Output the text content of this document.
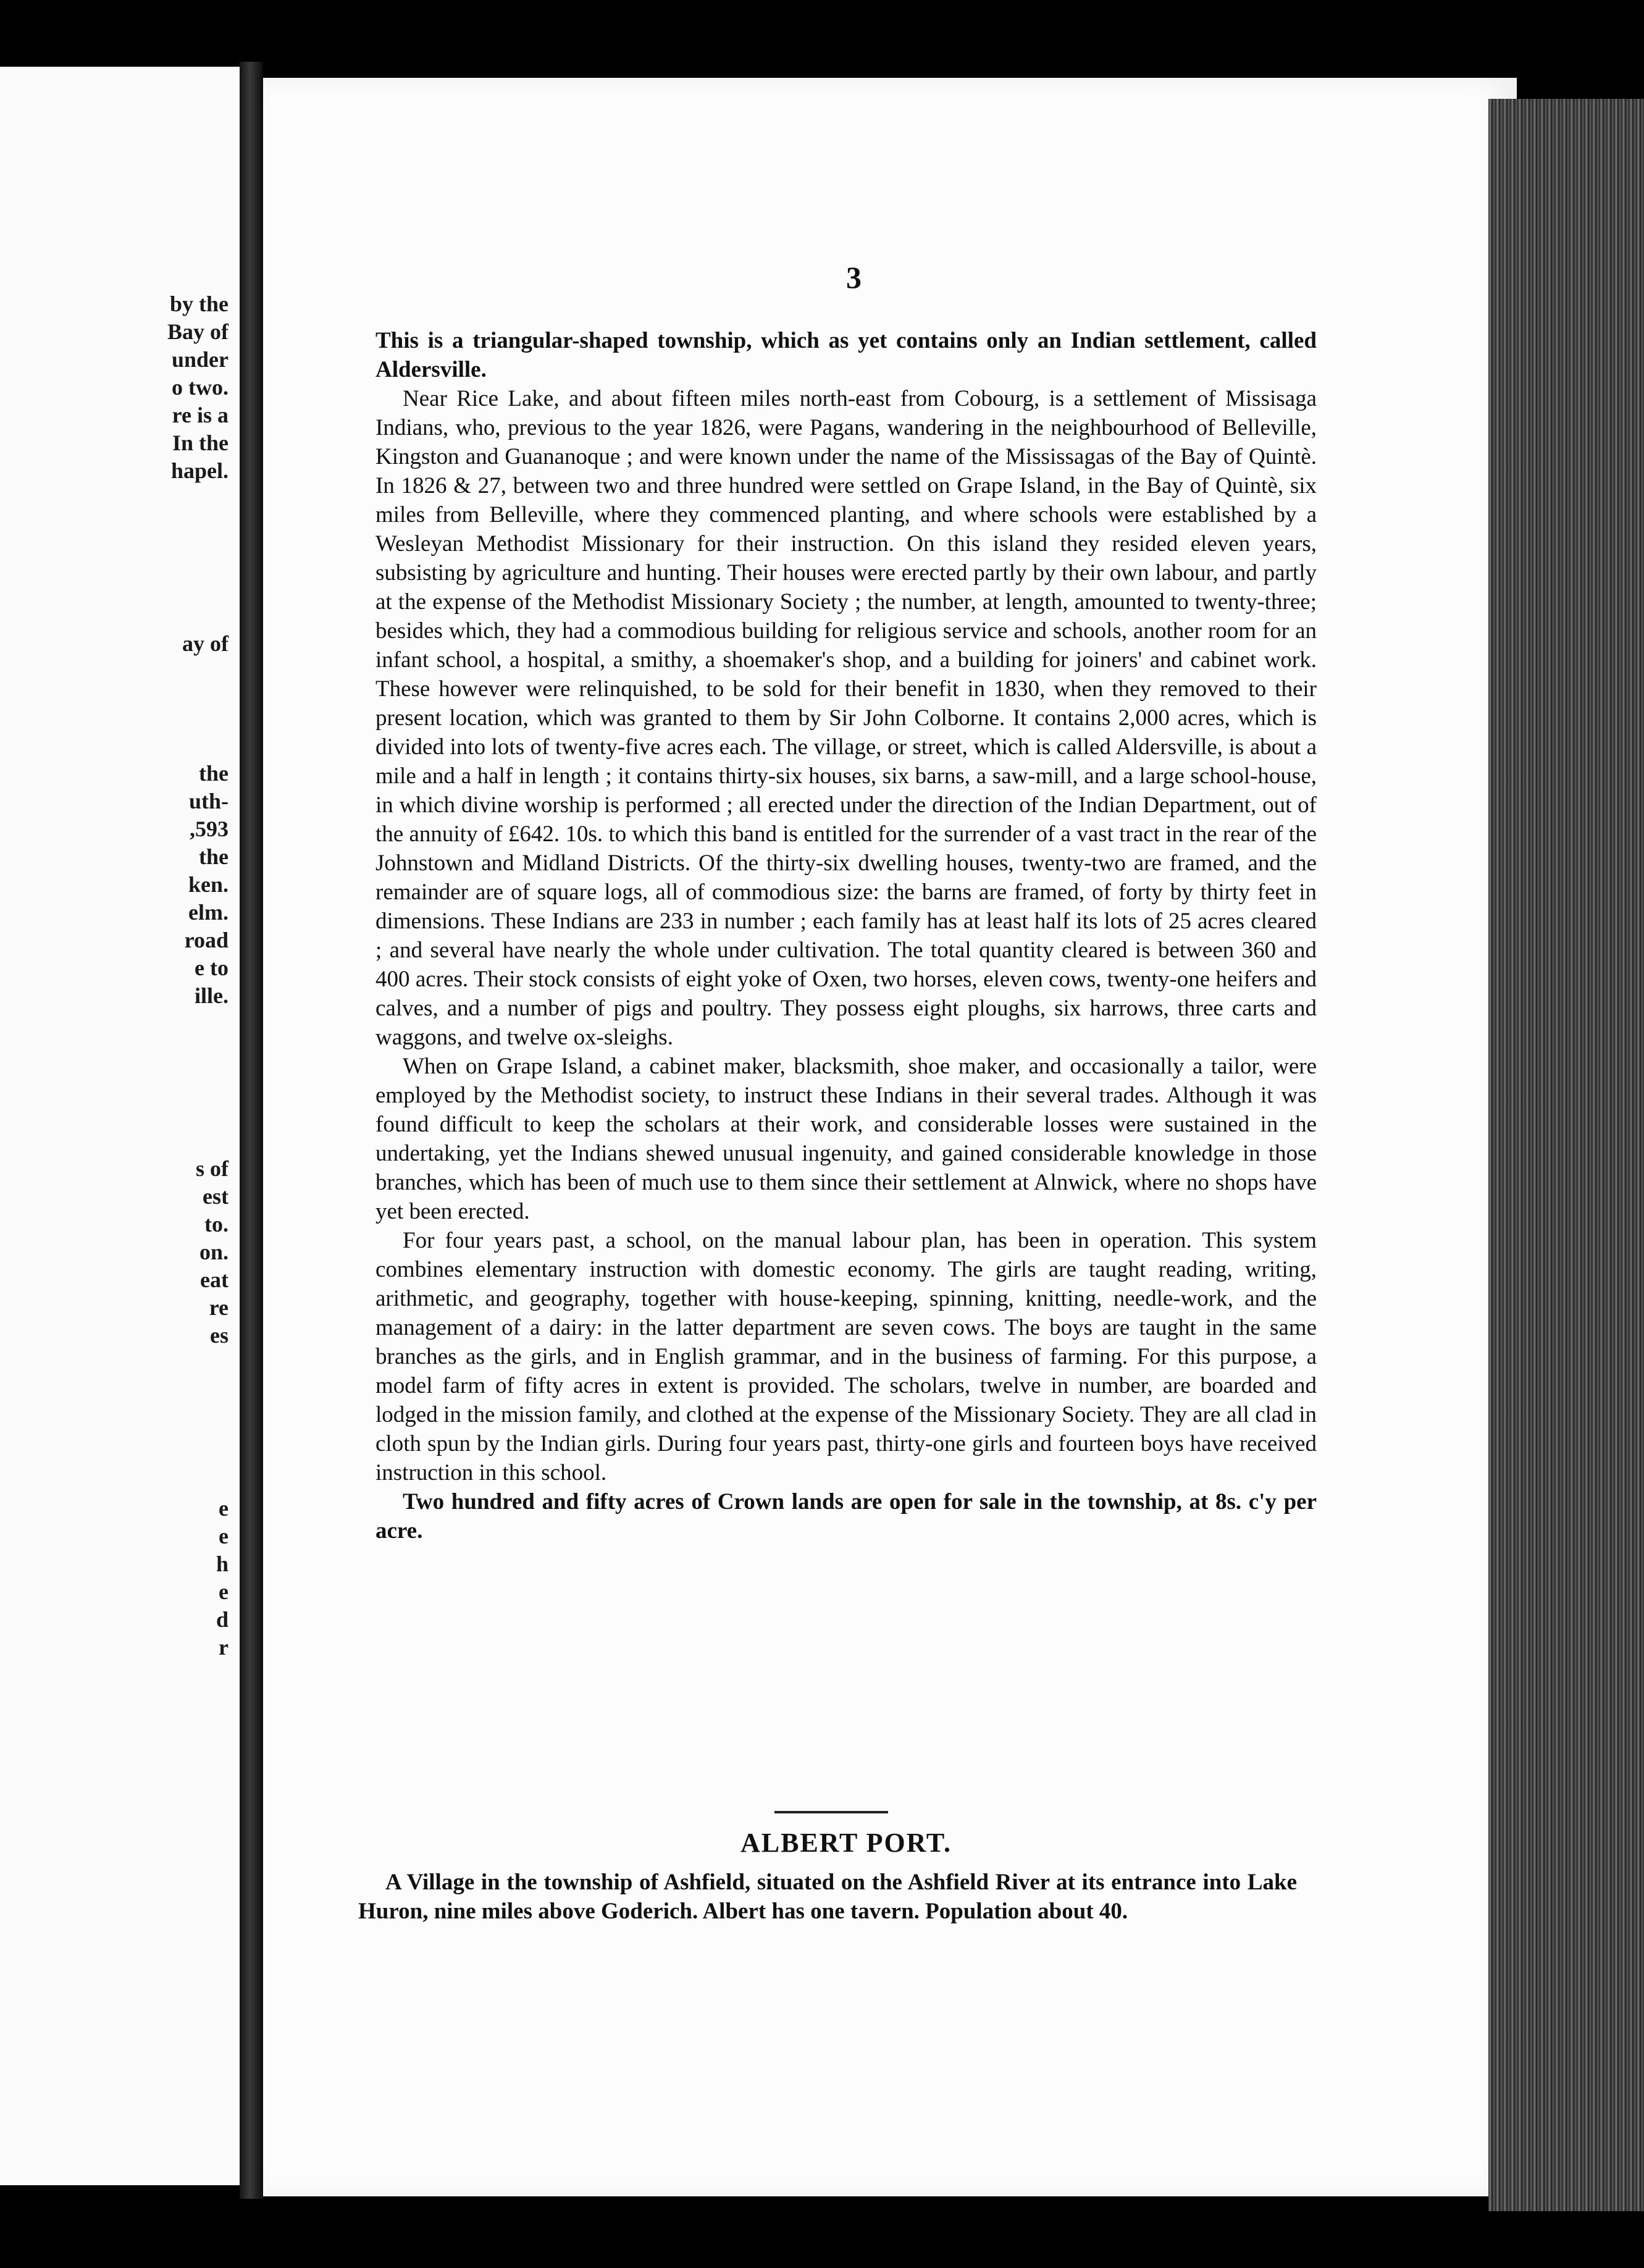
by the
Bay of
under
o two.
re is a
In the
hapel.
ay of
the
uth-
,593
the
ken.
elm.
road
e to
ille.
s of
est
to.
on.
eat
re
es
e
e
h
e
d
r
3

This is a triangular-shaped township, which as yet contains only an Indian settlement, called Aldersville.

Near Rice Lake, and about fifteen miles north-east from Cobourg, is a settlement of Missisaga Indians, who, previous to the year 1826, were Pagans, wandering in the neighbourhood of Belleville, Kingston and Guananoque ; and were known under the name of the Mississagas of the Bay of Quintè. In 1826 & 27, between two and three hundred were settled on Grape Island, in the Bay of Quintè, six miles from Belleville, where they commenced planting, and where schools were established by a Wesleyan Methodist Missionary for their instruction. On this island they resided eleven years, subsisting by agriculture and hunting. Their houses were erected partly by their own labour, and partly at the expense of the Methodist Missionary Society ; the number, at length, amounted to twenty-three; besides which, they had a commodious building for religious service and schools, another room for an infant school, a hospital, a smithy, a shoemaker's shop, and a building for joiners' and cabinet work. These however were relinquished, to be sold for their benefit in 1830, when they removed to their present location, which was granted to them by Sir John Colborne. It contains 2,000 acres, which is divided into lots of twenty-five acres each. The village, or street, which is called Aldersville, is about a mile and a half in length ; it contains thirty-six houses, six barns, a saw-mill, and a large school-house, in which divine worship is performed ; all erected under the direction of the Indian Department, out of the annuity of £642. 10s. to which this band is entitled for the surrender of a vast tract in the rear of the Johnstown and Midland Districts. Of the thirty-six dwelling houses, twenty-two are framed, and the remainder are of square logs, all of commodious size: the barns are framed, of forty by thirty feet in dimensions. These Indians are 233 in number ; each family has at least half its lots of 25 acres cleared ; and several have nearly the whole under cultivation. The total quantity cleared is between 360 and 400 acres. Their stock consists of eight yoke of Oxen, two horses, eleven cows, twenty-one heifers and calves, and a number of pigs and poultry. They possess eight ploughs, six harrows, three carts and waggons, and twelve ox-sleighs.

When on Grape Island, a cabinet maker, blacksmith, shoe maker, and occasionally a tailor, were employed by the Methodist society, to instruct these Indians in their several trades. Although it was found difficult to keep the scholars at their work, and considerable losses were sustained in the undertaking, yet the Indians shewed unusual ingenuity, and gained considerable knowledge in those branches, which has been of much use to them since their settlement at Alnwick, where no shops have yet been erected.

For four years past, a school, on the manual labour plan, has been in operation. This system combines elementary instruction with domestic economy. The girls are taught reading, writing, arithmetic, and geography, together with house-keeping, spinning, knitting, needle-work, and the management of a dairy: in the latter department are seven cows. The boys are taught in the same branches as the girls, and in English grammar, and in the business of farming. For this purpose, a model farm of fifty acres in extent is provided. The scholars, twelve in number, are boarded and lodged in the mission family, and clothed at the expense of the Missionary Society. They are all clad in cloth spun by the Indian girls. During four years past, thirty-one girls and fourteen boys have received instruction in this school.

Two hundred and fifty acres of Crown lands are open for sale in the township, at 8s. c'y per acre.

ALBERT PORT.

A Village in the township of Ashfield, situated on the Ashfield River at its entrance into Lake Huron, nine miles above Goderich. Albert has one tavern. Population about 40.
